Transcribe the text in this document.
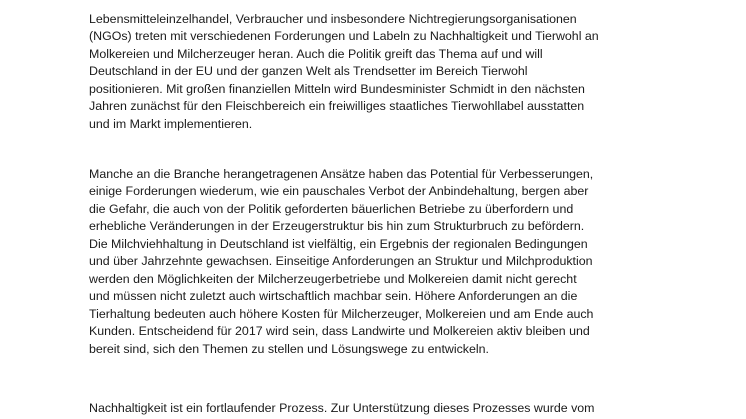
Lebensmitteleinzelhandel, Verbraucher und insbesondere Nichtregierungsorganisationen
(NGOs) treten mit verschiedenen Forderungen und Labeln zu Nachhaltigkeit und Tierwohl an
Molkereien und Milcherzeuger heran. Auch die Politik greift das Thema auf und will
Deutschland in der EU und der ganzen Welt als Trendsetter im Bereich Tierwohl
positionieren. Mit großen finanziellen Mitteln wird Bundesminister Schmidt in den nächsten
Jahren zunächst für den Fleischbereich ein freiwilliges staatliches Tierwohllabel ausstatten
und im Markt implementieren.

Manche an die Branche herangetragenen Ansätze haben das Potential für Verbesserungen,
einige Forderungen wiederum, wie ein pauschales Verbot der Anbindehaltung, bergen aber
die Gefahr, die auch von der Politik geforderten bäuerlichen Betriebe zu überfordern und
erhebliche Veränderungen in der Erzeugerstruktur bis hin zum Strukturbruch zu befördern.
Die Milchviehhaltung in Deutschland ist vielfältig, ein Ergebnis der regionalen Bedingungen
und über Jahrzehnte gewachsen. Einseitige Anforderungen an Struktur und Milchproduktion
werden den Möglichkeiten der Milcherzeugerbetriebe und Molkereien damit nicht gerecht
und müssen nicht zuletzt auch wirtschaftlich machbar sein. Höhere Anforderungen an die
Tierhaltung bedeuten auch höhere Kosten für Milcherzeuger, Molkereien und am Ende auch
Kunden. Entscheidend für 2017 wird sein, dass Landwirte und Molkereien aktiv bleiben und
bereit sind, sich den Themen zu stellen und Lösungswege zu entwickeln.

Nachhaltigkeit ist ein fortlaufender Prozess. Zur Unterstützung dieses Prozesses wurde vom
